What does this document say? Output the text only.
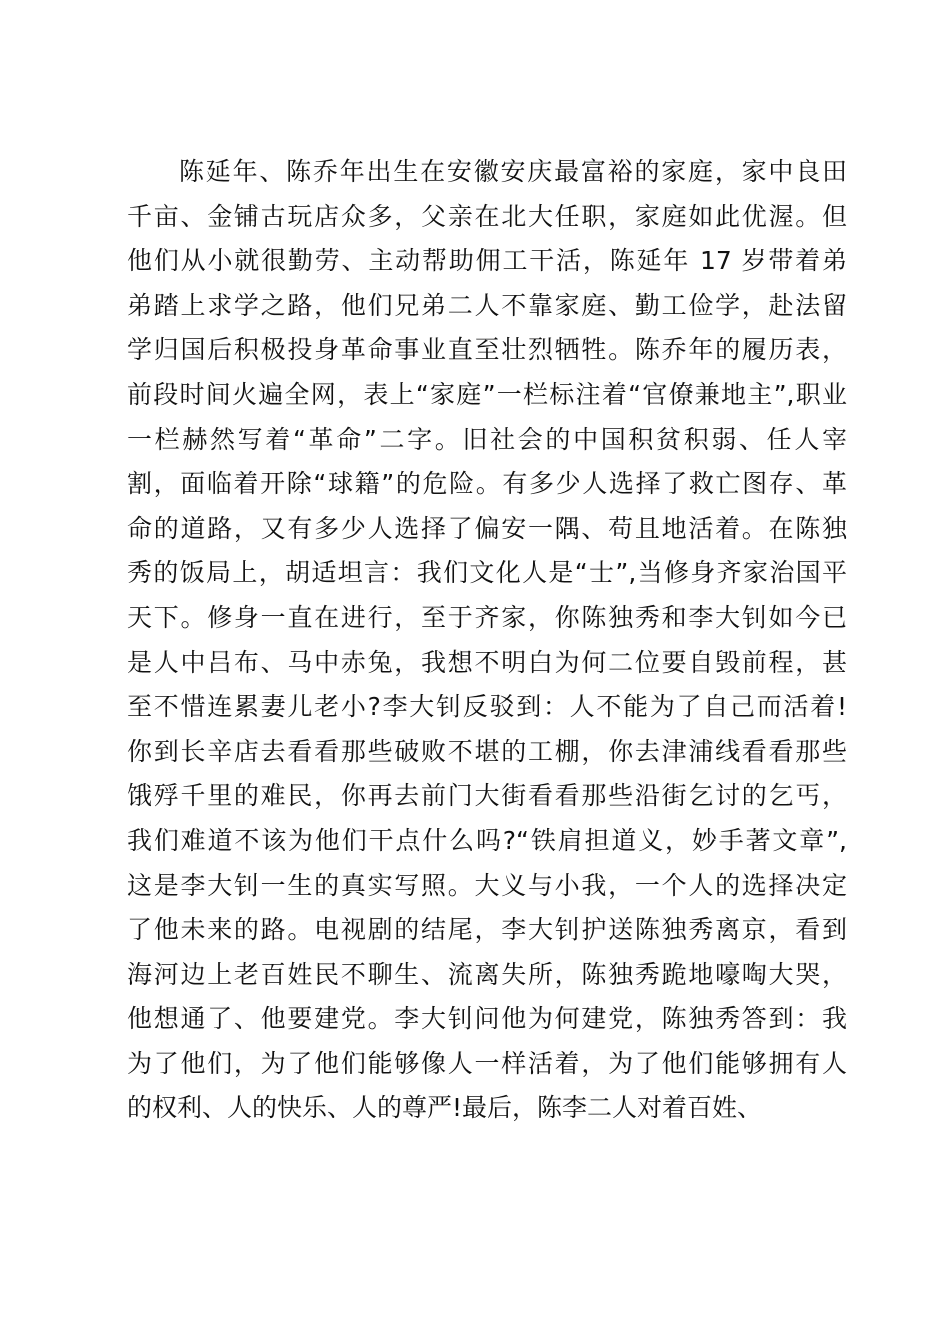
陈延年、陈乔年出生在安徽安庆最富裕的家庭，家中良田
千亩、金铺古玩店众多，父亲在北大任职，家庭如此优渥。但
他们从小就很勤劳、主动帮助佣工干活，陈延年 17 岁带着弟
弟踏上求学之路，他们兄弟二人不靠家庭、勤工俭学，赴法留
学归国后积极投身革命事业直至壮烈牺牲。陈乔年的履历表，
前段时间火遍全网，表上“家庭”一栏标注着“官僚兼地主”,职业
一栏赫然写着“革命”二字。旧社会的中国积贫积弱、任人宰
割，面临着开除“球籍”的危险。有多少人选择了救亡图存、革
命的道路，又有多少人选择了偏安一隅、苟且地活着。在陈独
秀的饭局上，胡适坦言：我们文化人是“士”,当修身齐家治国平
天下。修身一直在进行，至于齐家，你陈独秀和李大钊如今已
是人中吕布、马中赤兔，我想不明白为何二位要自毁前程，甚
至不惜连累妻儿老小?李大钊反驳到：人不能为了自己而活着!
你到长辛店去看看那些破败不堪的工棚，你去津浦线看看那些
饿殍千里的难民，你再去前门大街看看那些沿街乞讨的乞丐，
我们难道不该为他们干点什么吗?“铁肩担道义，妙手著文章”,
这是李大钊一生的真实写照。大义与小我，一个人的选择决定
了他未来的路。电视剧的结尾，李大钊护送陈独秀离京，看到
海河边上老百姓民不聊生、流离失所，陈独秀跪地嚎啕大哭，
他想通了、他要建党。李大钊问他为何建党，陈独秀答到：我
为了他们，为了他们能够像人一样活着，为了他们能够拥有人
的权利、人的快乐、人的尊严!最后，陈李二人对着百姓、
